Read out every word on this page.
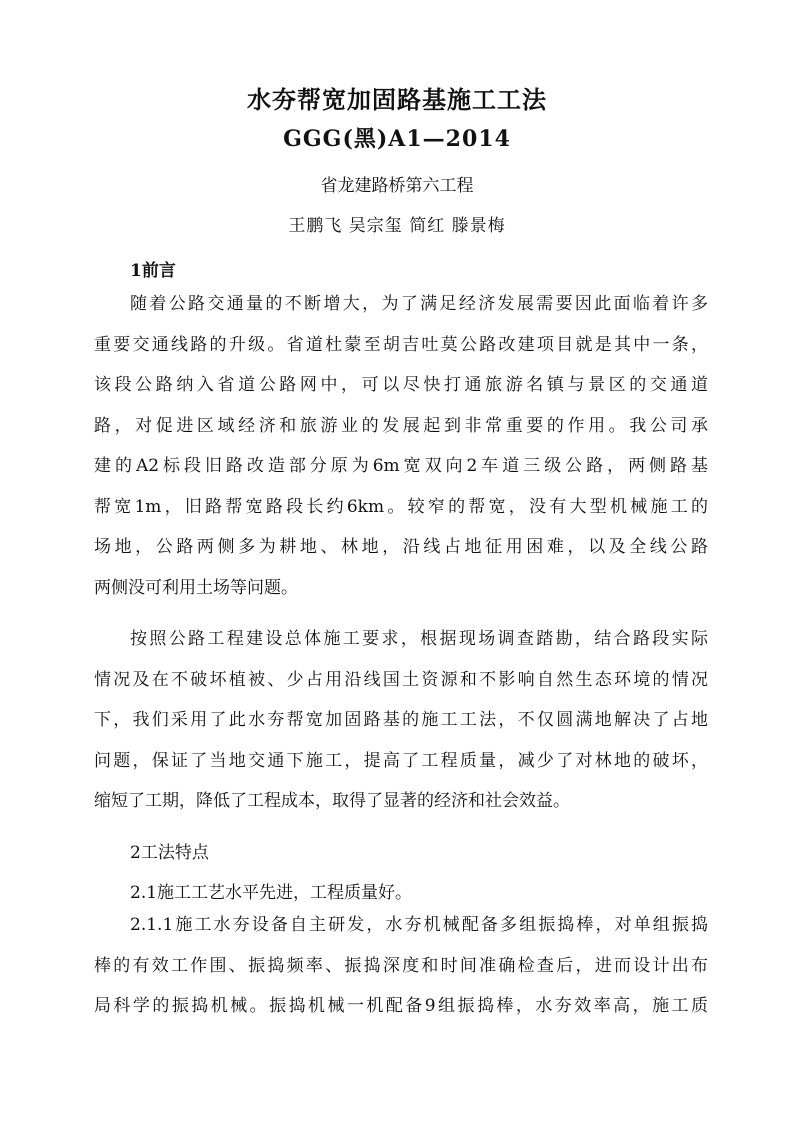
水夯帮宽加固路基施工工法
GGG(黑)A1—2014
省龙建路桥第六工程
王鹏飞 吴宗玺 简红 滕景梅
1前言
随着公路交通量的不断增大，为了满足经济发展需要因此面临着许多
重要交通线路的升级。省道杜蒙至胡吉吐莫公路改建项目就是其中一条，
该段公路纳入省道公路网中，可以尽快打通旅游名镇与景区的交通道
路，对促进区域经济和旅游业的发展起到非常重要的作用。我公司承
建的A2标段旧路改造部分原为6m宽双向2车道三级公路，两侧路基
帮宽1m，旧路帮宽路段长约6km。较窄的帮宽，没有大型机械施工的
场地，公路两侧多为耕地、林地，沿线占地征用困难，以及全线公路
两侧没可利用土场等问题。
按照公路工程建设总体施工要求，根据现场调查踏勘，结合路段实际
情况及在不破坏植被、少占用沿线国土资源和不影响自然生态环境的情况
下，我们采用了此水夯帮宽加固路基的施工工法，不仅圆满地解决了占地
问题，保证了当地交通下施工，提高了工程质量，减少了对林地的破坏，
缩短了工期，降低了工程成本，取得了显著的经济和社会效益。
2工法特点
2.1施工工艺水平先进，工程质量好。
2.1.1施工水夯设备自主研发，水夯机械配备多组振捣棒，对单组振捣
棒的有效工作围、振捣频率、振捣深度和时间准确检查后，进而设计出布
局科学的振捣机械。振捣机械一机配备9组振捣棒，水夯效率高，施工质
